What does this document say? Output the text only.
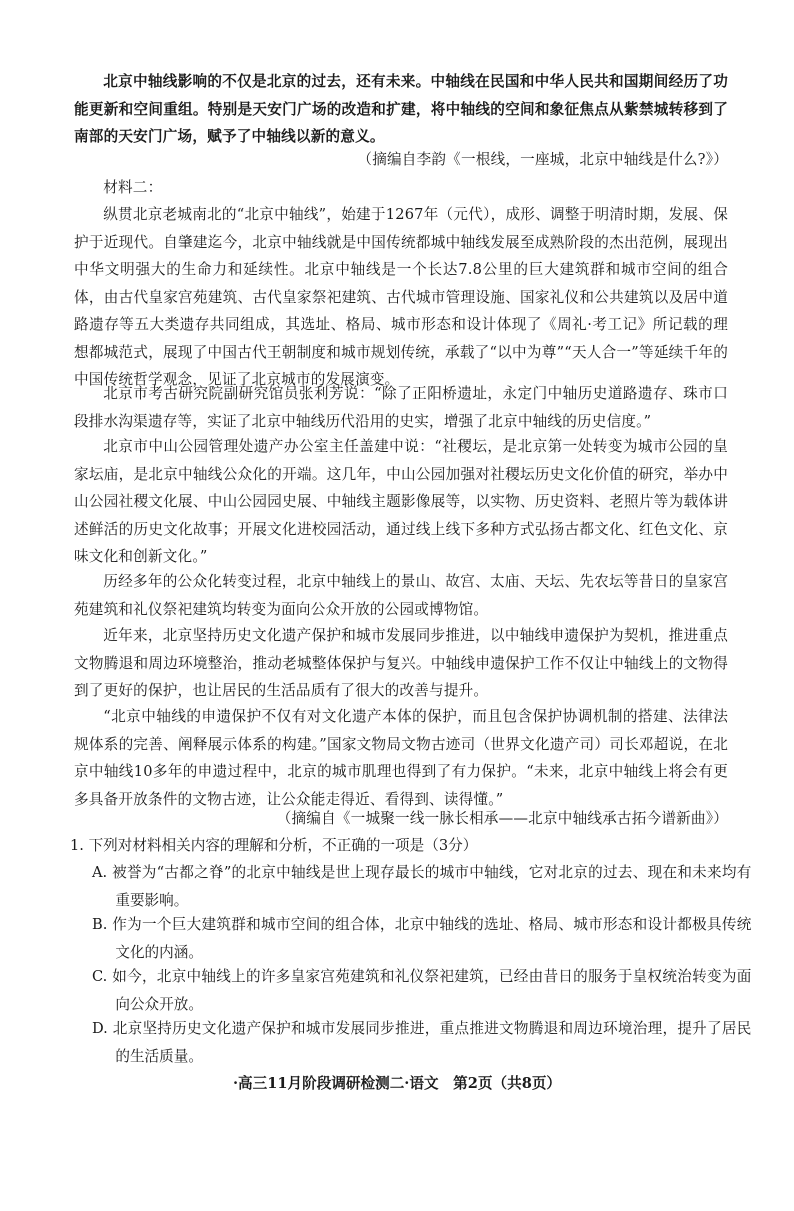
北京中轴线影响的不仅是北京的过去，还有未来。中轴线在民国和中华人民共和国期间经历了功能更新和空间重组。特别是天安门广场的改造和扩建，将中轴线的空间和象征焦点从紫禁城转移到了南部的天安门广场，赋予了中轴线以新的意义。

（摘编自李韵《一根线，一座城，北京中轴线是什么?》）

材料二：

纵贯北京老城南北的“北京中轴线”，始建于1267年（元代），成形、调整于明清时期，发展、保护于近现代。自肇建迄今，北京中轴线就是中国传统都城中轴线发展至成熟阶段的杰出范例，展现出中华文明强大的生命力和延续性。北京中轴线是一个长达7.8公里的巨大建筑群和城市空间的组合体，由古代皇家宫苑建筑、古代皇家祭祀建筑、古代城市管理设施、国家礼仪和公共建筑以及居中道路遗存等五大类遗存共同组成，其选址、格局、城市形态和设计体现了《周礼·考工记》所记载的理想都城范式，展现了中国古代王朝制度和城市规划传统，承载了“以中为尊”“天人合一”等延续千年的中国传统哲学观念，见证了北京城市的发展演变。

北京市考古研究院副研究馆员张利芳说：“除了正阳桥遗址，永定门中轴历史道路遗存、珠市口段排水沟渠遗存等，实证了北京中轴线历代沿用的史实，增强了北京中轴线的历史信度。”

北京市中山公园管理处遗产办公室主任盖建中说：“社稷坛，是北京第一处转变为城市公园的皇家坛庙，是北京中轴线公众化的开端。这几年，中山公园加强对社稷坛历史文化价值的研究，举办中山公园社稷文化展、中山公园园史展、中轴线主题影像展等，以实物、历史资料、老照片等为载体讲述鲜活的历史文化故事；开展文化进校园活动，通过线上线下多种方式弘扬古都文化、红色文化、京味文化和创新文化。”

历经多年的公众化转变过程，北京中轴线上的景山、故宫、太庙、天坛、先农坛等昔日的皇家宫苑建筑和礼仪祭祀建筑均转变为面向公众开放的公园或博物馆。

近年来，北京坚持历史文化遗产保护和城市发展同步推进，以中轴线申遗保护为契机，推进重点文物腾退和周边环境整治，推动老城整体保护与复兴。中轴线申遗保护工作不仅让中轴线上的文物得到了更好的保护，也让居民的生活品质有了很大的改善与提升。

“北京中轴线的申遗保护不仅有对文化遗产本体的保护，而且包含保护协调机制的搭建、法律法规体系的完善、阐释展示体系的构建。”国家文物局文物古迹司（世界文化遗产司）司长邓超说，在北京中轴线10多年的申遗过程中，北京的城市肌理也得到了有力保护。“未来，北京中轴线上将会有更多具备开放条件的文物古迹，让公众能走得近、看得到、读得懂。”

（摘编自《一城聚一线一脉长相承——北京中轴线承古拓今谱新曲》）

1. 下列对材料相关内容的理解和分析，不正确的一项是（3分）

A. 被誉为“古都之脊”的北京中轴线是世上现存最长的城市中轴线，它对北京的过去、现在和未来均有重要影响。

B. 作为一个巨大建筑群和城市空间的组合体，北京中轴线的选址、格局、城市形态和设计都极具传统文化的内涵。

C. 如今，北京中轴线上的许多皇家宫苑建筑和礼仪祭祀建筑，已经由昔日的服务于皇权统治转变为面向公众开放。

D. 北京坚持历史文化遗产保护和城市发展同步推进，重点推进文物腾退和周边环境治理，提升了居民的生活质量。

·高三11月阶段调研检测二·语文　第2页（共8页）
